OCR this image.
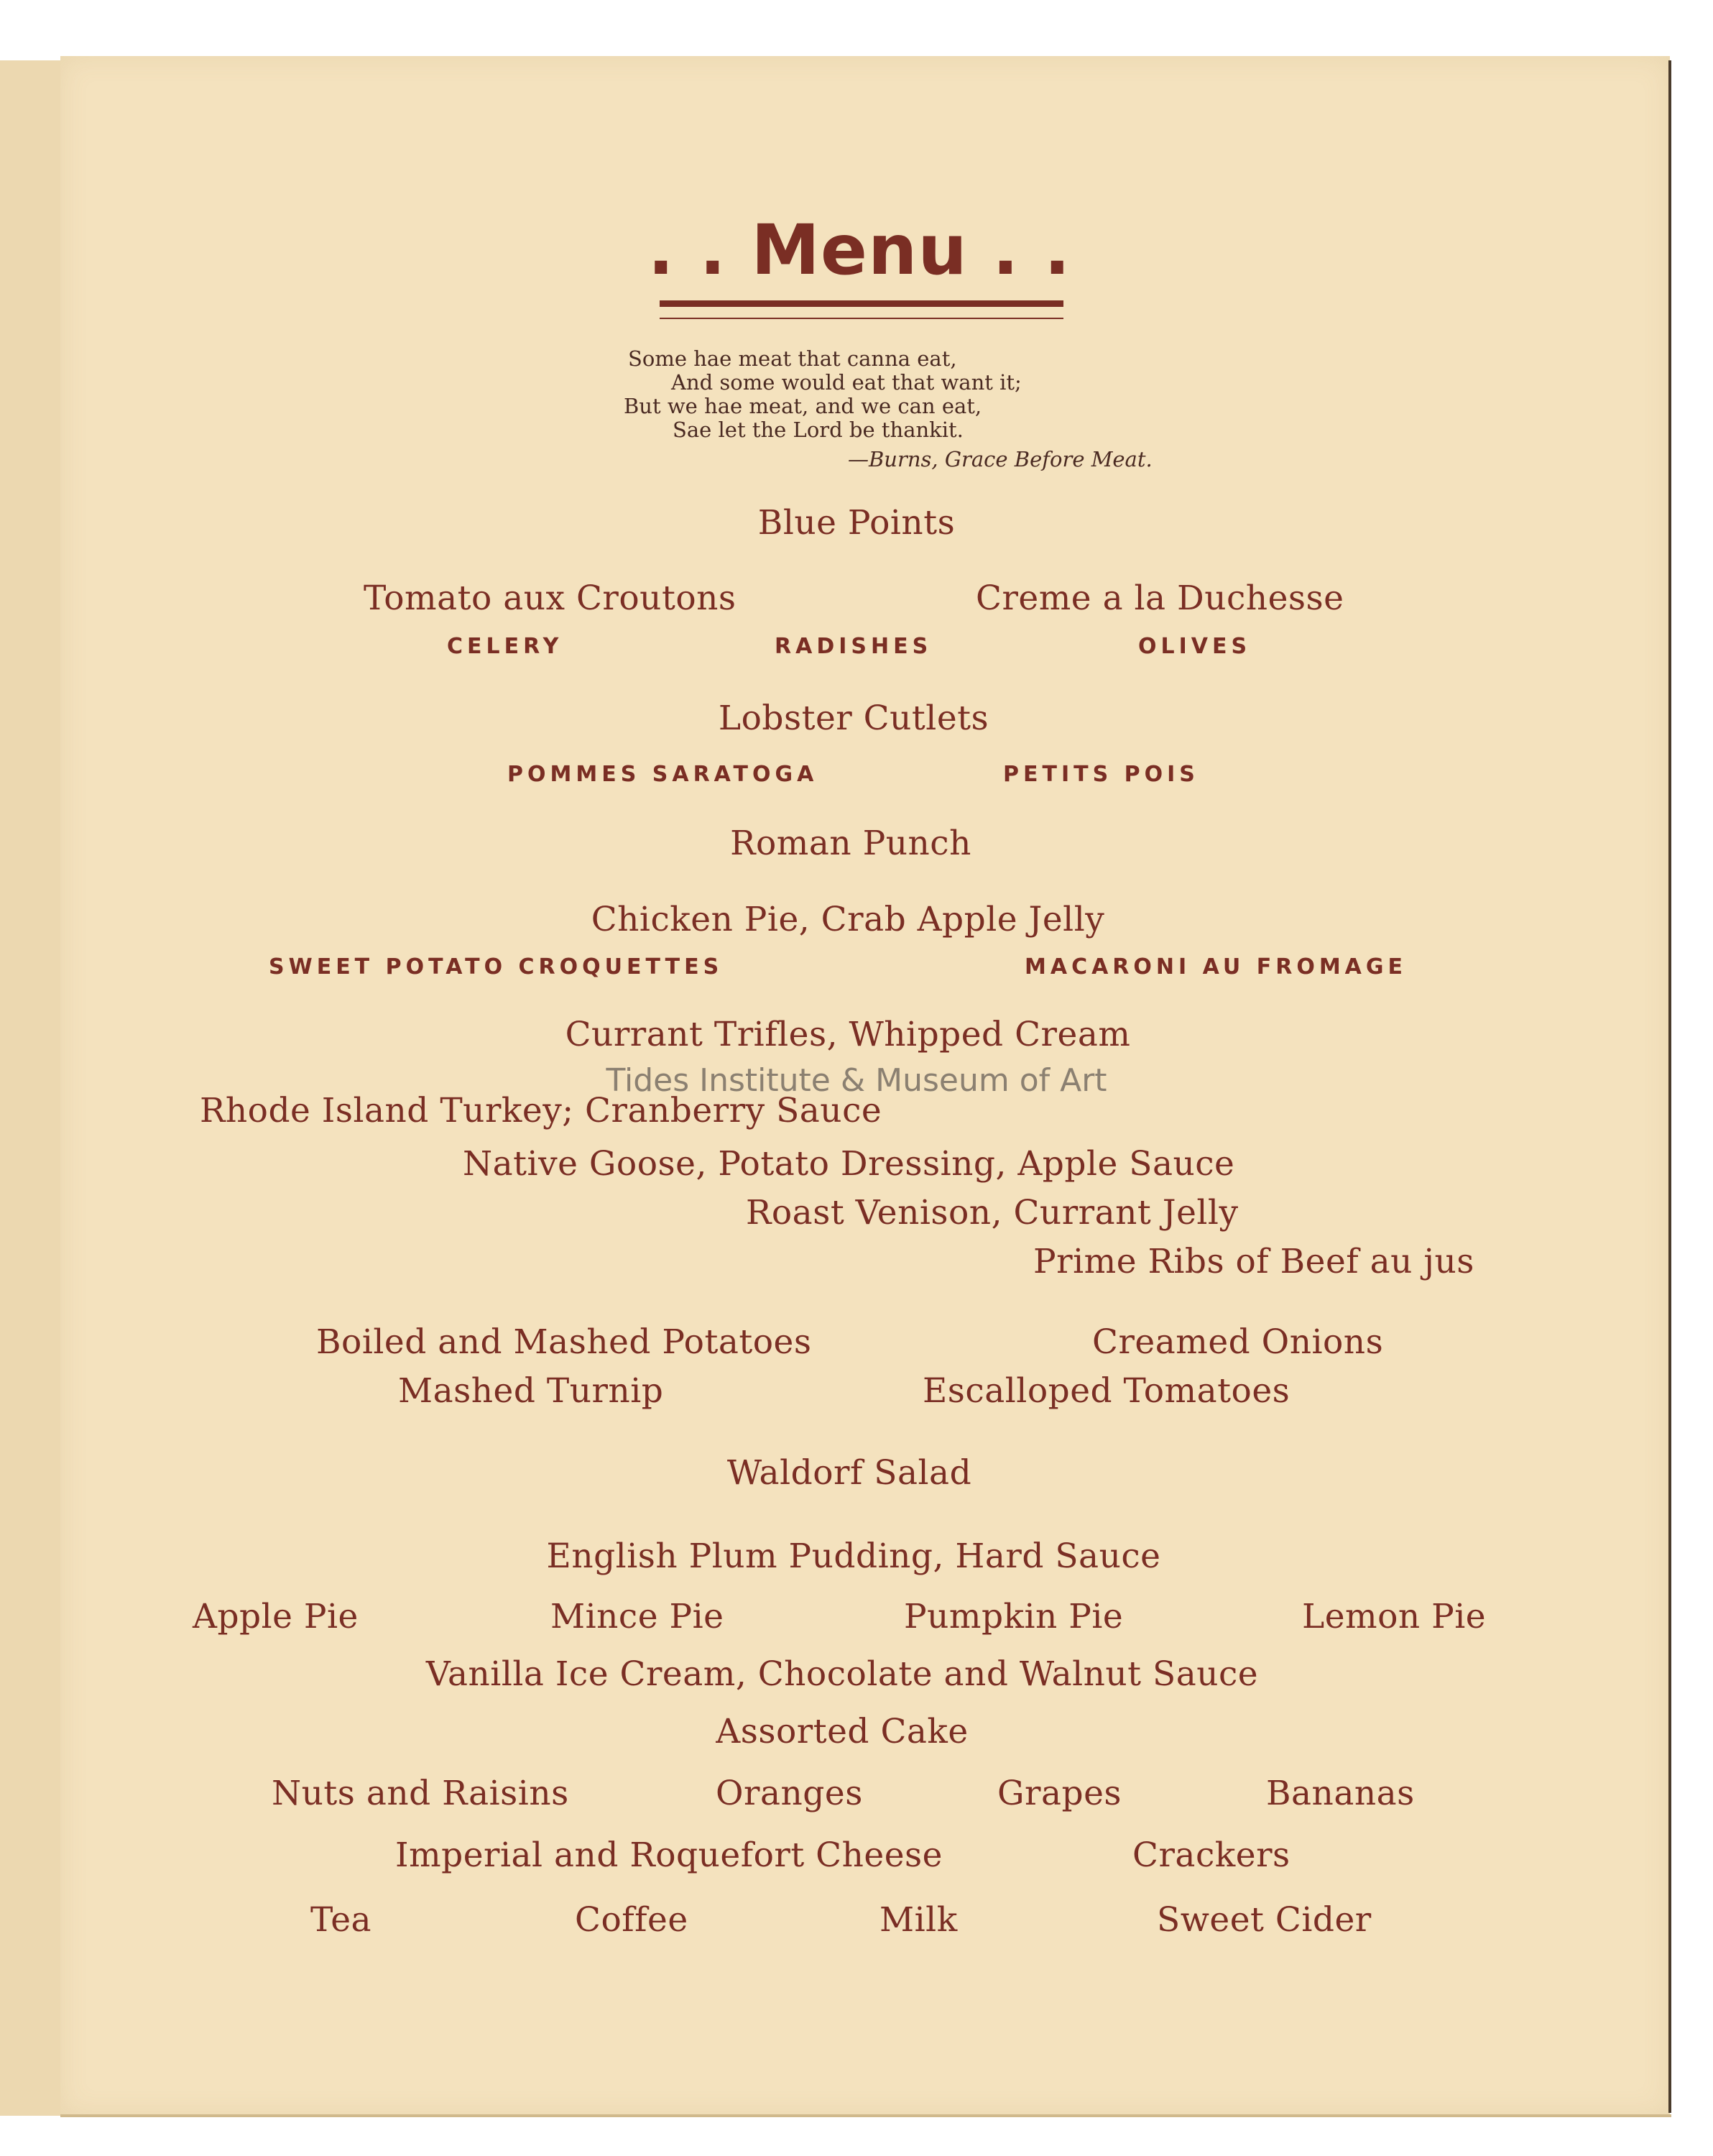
. . Menu . .
Some hae meat that canna eat,
And some would eat that want it;
But we hae meat, and we can eat,
Sae let the Lord be thankit.
—Burns, Grace Before Meat.
Blue Points
Tomato aux Croutons	Creme a la Duchesse
CELERY	RADISHES	OLIVES
Lobster Cutlets
POMMES SARATOGA	PETITS POIS
Roman Punch
Chicken Pie, Crab Apple Jelly
SWEET POTATO CROQUETTES	MACARONI AU FROMAGE
Currant Trifles, Whipped Cream
Rhode Island Turkey; Cranberry Sauce
Native Goose, Potato Dressing, Apple Sauce
Roast Venison, Currant Jelly
Prime Ribs of Beef au jus
Boiled and Mashed Potatoes	Creamed Onions
Mashed Turnip	Escalloped Tomatoes
Waldorf Salad
English Plum Pudding, Hard Sauce
Apple Pie	Mince Pie	Pumpkin Pie	Lemon Pie
Vanilla Ice Cream, Chocolate and Walnut Sauce
Assorted Cake
Nuts and Raisins	Oranges	Grapes	Bananas
Imperial and Roquefort Cheese	Crackers
Tea	Coffee	Milk	Sweet Cider
Tides Institute & Museum of Art
